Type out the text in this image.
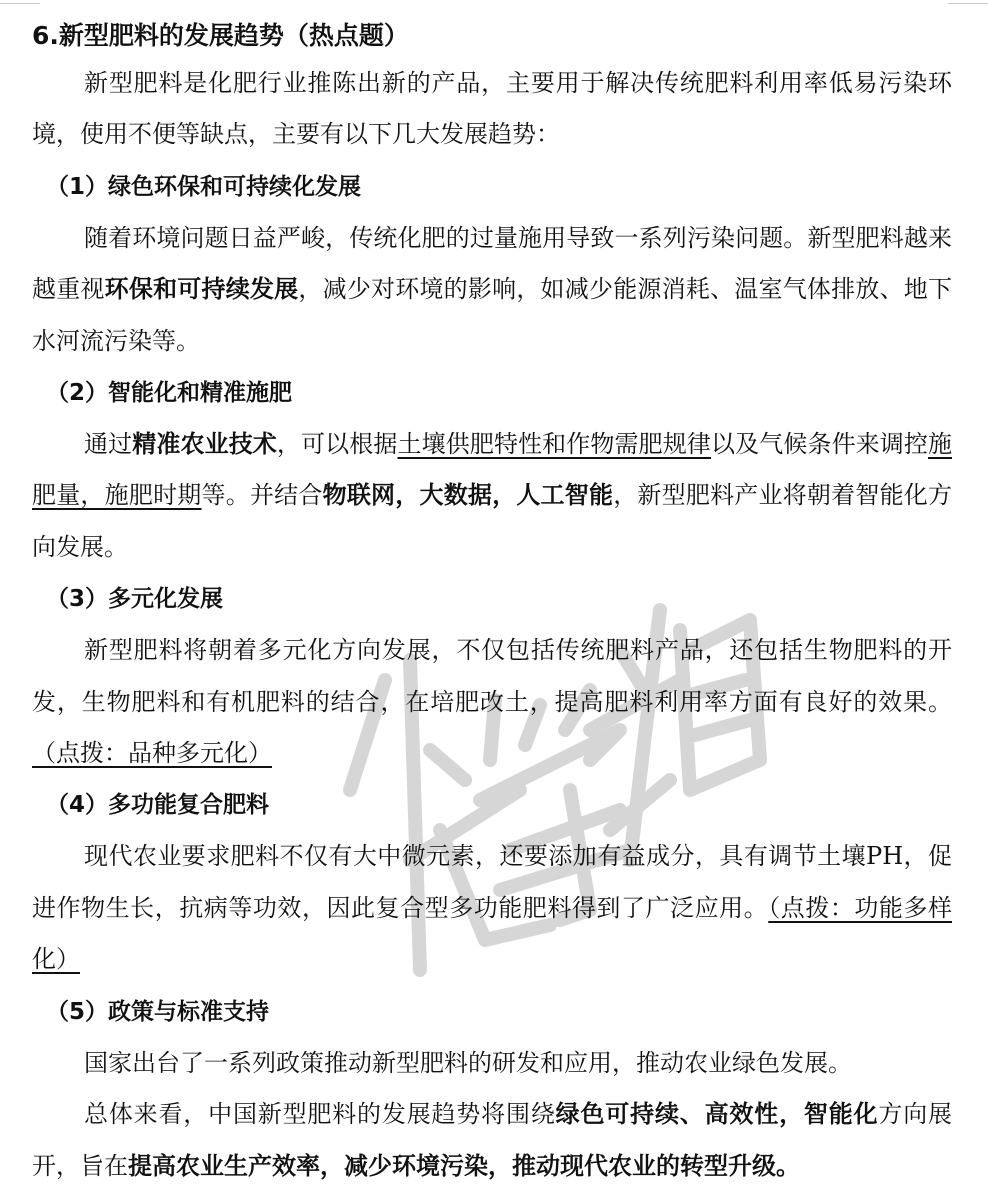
6.新型肥料的发展趋势（热点题）

新型肥料是化肥行业推陈出新的产品，主要用于解决传统肥料利用率低易污染环境，使用不便等缺点，主要有以下几大发展趋势：

（1）绿色环保和可持续化发展

随着环境问题日益严峻，传统化肥的过量施用导致一系列污染问题。新型肥料越来越重视环保和可持续发展，减少对环境的影响，如减少能源消耗、温室气体排放、地下水河流污染等。

（2）智能化和精准施肥

通过精准农业技术，可以根据土壤供肥特性和作物需肥规律以及气候条件来调控施肥量，施肥时期等。并结合物联网，大数据，人工智能，新型肥料产业将朝着智能化方向发展。

（3）多元化发展

新型肥料将朝着多元化方向发展，不仅包括传统肥料产品，还包括生物肥料的开发，生物肥料和有机肥料的结合，在培肥改土，提高肥料利用率方面有良好的效果。（点拨：品种多元化）

（4）多功能复合肥料

现代农业要求肥料不仅有大中微元素，还要添加有益成分，具有调节土壤PH，促进作物生长，抗病等功效，因此复合型多功能肥料得到了广泛应用。（点拨：功能多样化）

（5）政策与标准支持

国家出台了一系列政策推动新型肥料的研发和应用，推动农业绿色发展。

总体来看，中国新型肥料的发展趋势将围绕绿色可持续、高效性，智能化方向展开，旨在提高农业生产效率，减少环境污染，推动现代农业的转型升级。
